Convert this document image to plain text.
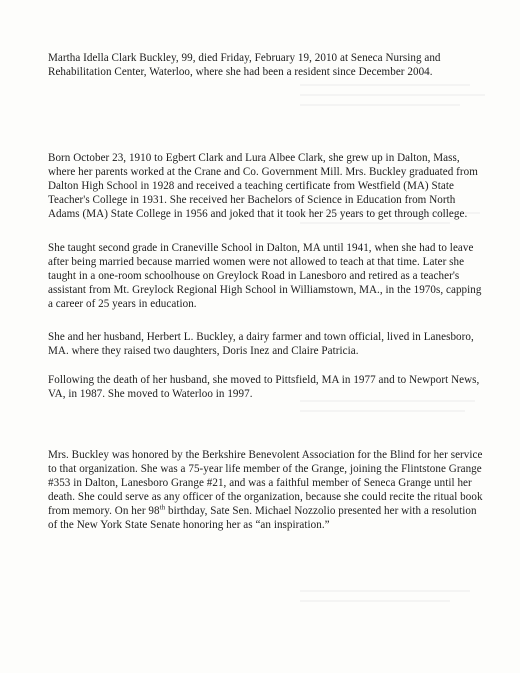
Martha Idella Clark Buckley, 99, died Friday, February 19, 2010 at Seneca Nursing and Rehabilitation Center, Waterloo, where she had been a resident since December 2004.

Born October 23, 1910 to Egbert Clark and Lura Albee Clark, she grew up in Dalton, Mass, where her parents worked at the Crane and Co. Government Mill. Mrs. Buckley graduated from Dalton High School in 1928 and received a teaching certificate from Westfield (MA) State Teacher's College in 1931. She received her Bachelors of Science in Education from North Adams (MA) State College in 1956 and joked that it took her 25 years to get through college.

She taught second grade in Craneville School in Dalton, MA until 1941, when she had to leave after being married because married women were not allowed to teach at that time. Later she taught in a one-room schoolhouse on Greylock Road in Lanesboro and retired as a teacher's assistant from Mt. Greylock Regional High School in Williamstown, MA., in the 1970s, capping a career of 25 years in education.

She and her husband, Herbert L. Buckley, a dairy farmer and town official, lived in Lanesboro, MA. where they raised two daughters, Doris Inez and Claire Patricia.

Following the death of her husband, she moved to Pittsfield, MA in 1977 and to Newport News, VA, in 1987. She moved to Waterloo in 1997.

Mrs. Buckley was honored by the Berkshire Benevolent Association for the Blind for her service to that organization. She was a 75-year life member of the Grange, joining the Flintstone Grange #353 in Dalton, Lanesboro Grange #21, and was a faithful member of Seneca Grange until her death. She could serve as any officer of the organization, because she could recite the ritual book from memory. On her 98th birthday, Sate Sen. Michael Nozzolio presented her with a resolution of the New York State Senate honoring her as “an inspiration.”
